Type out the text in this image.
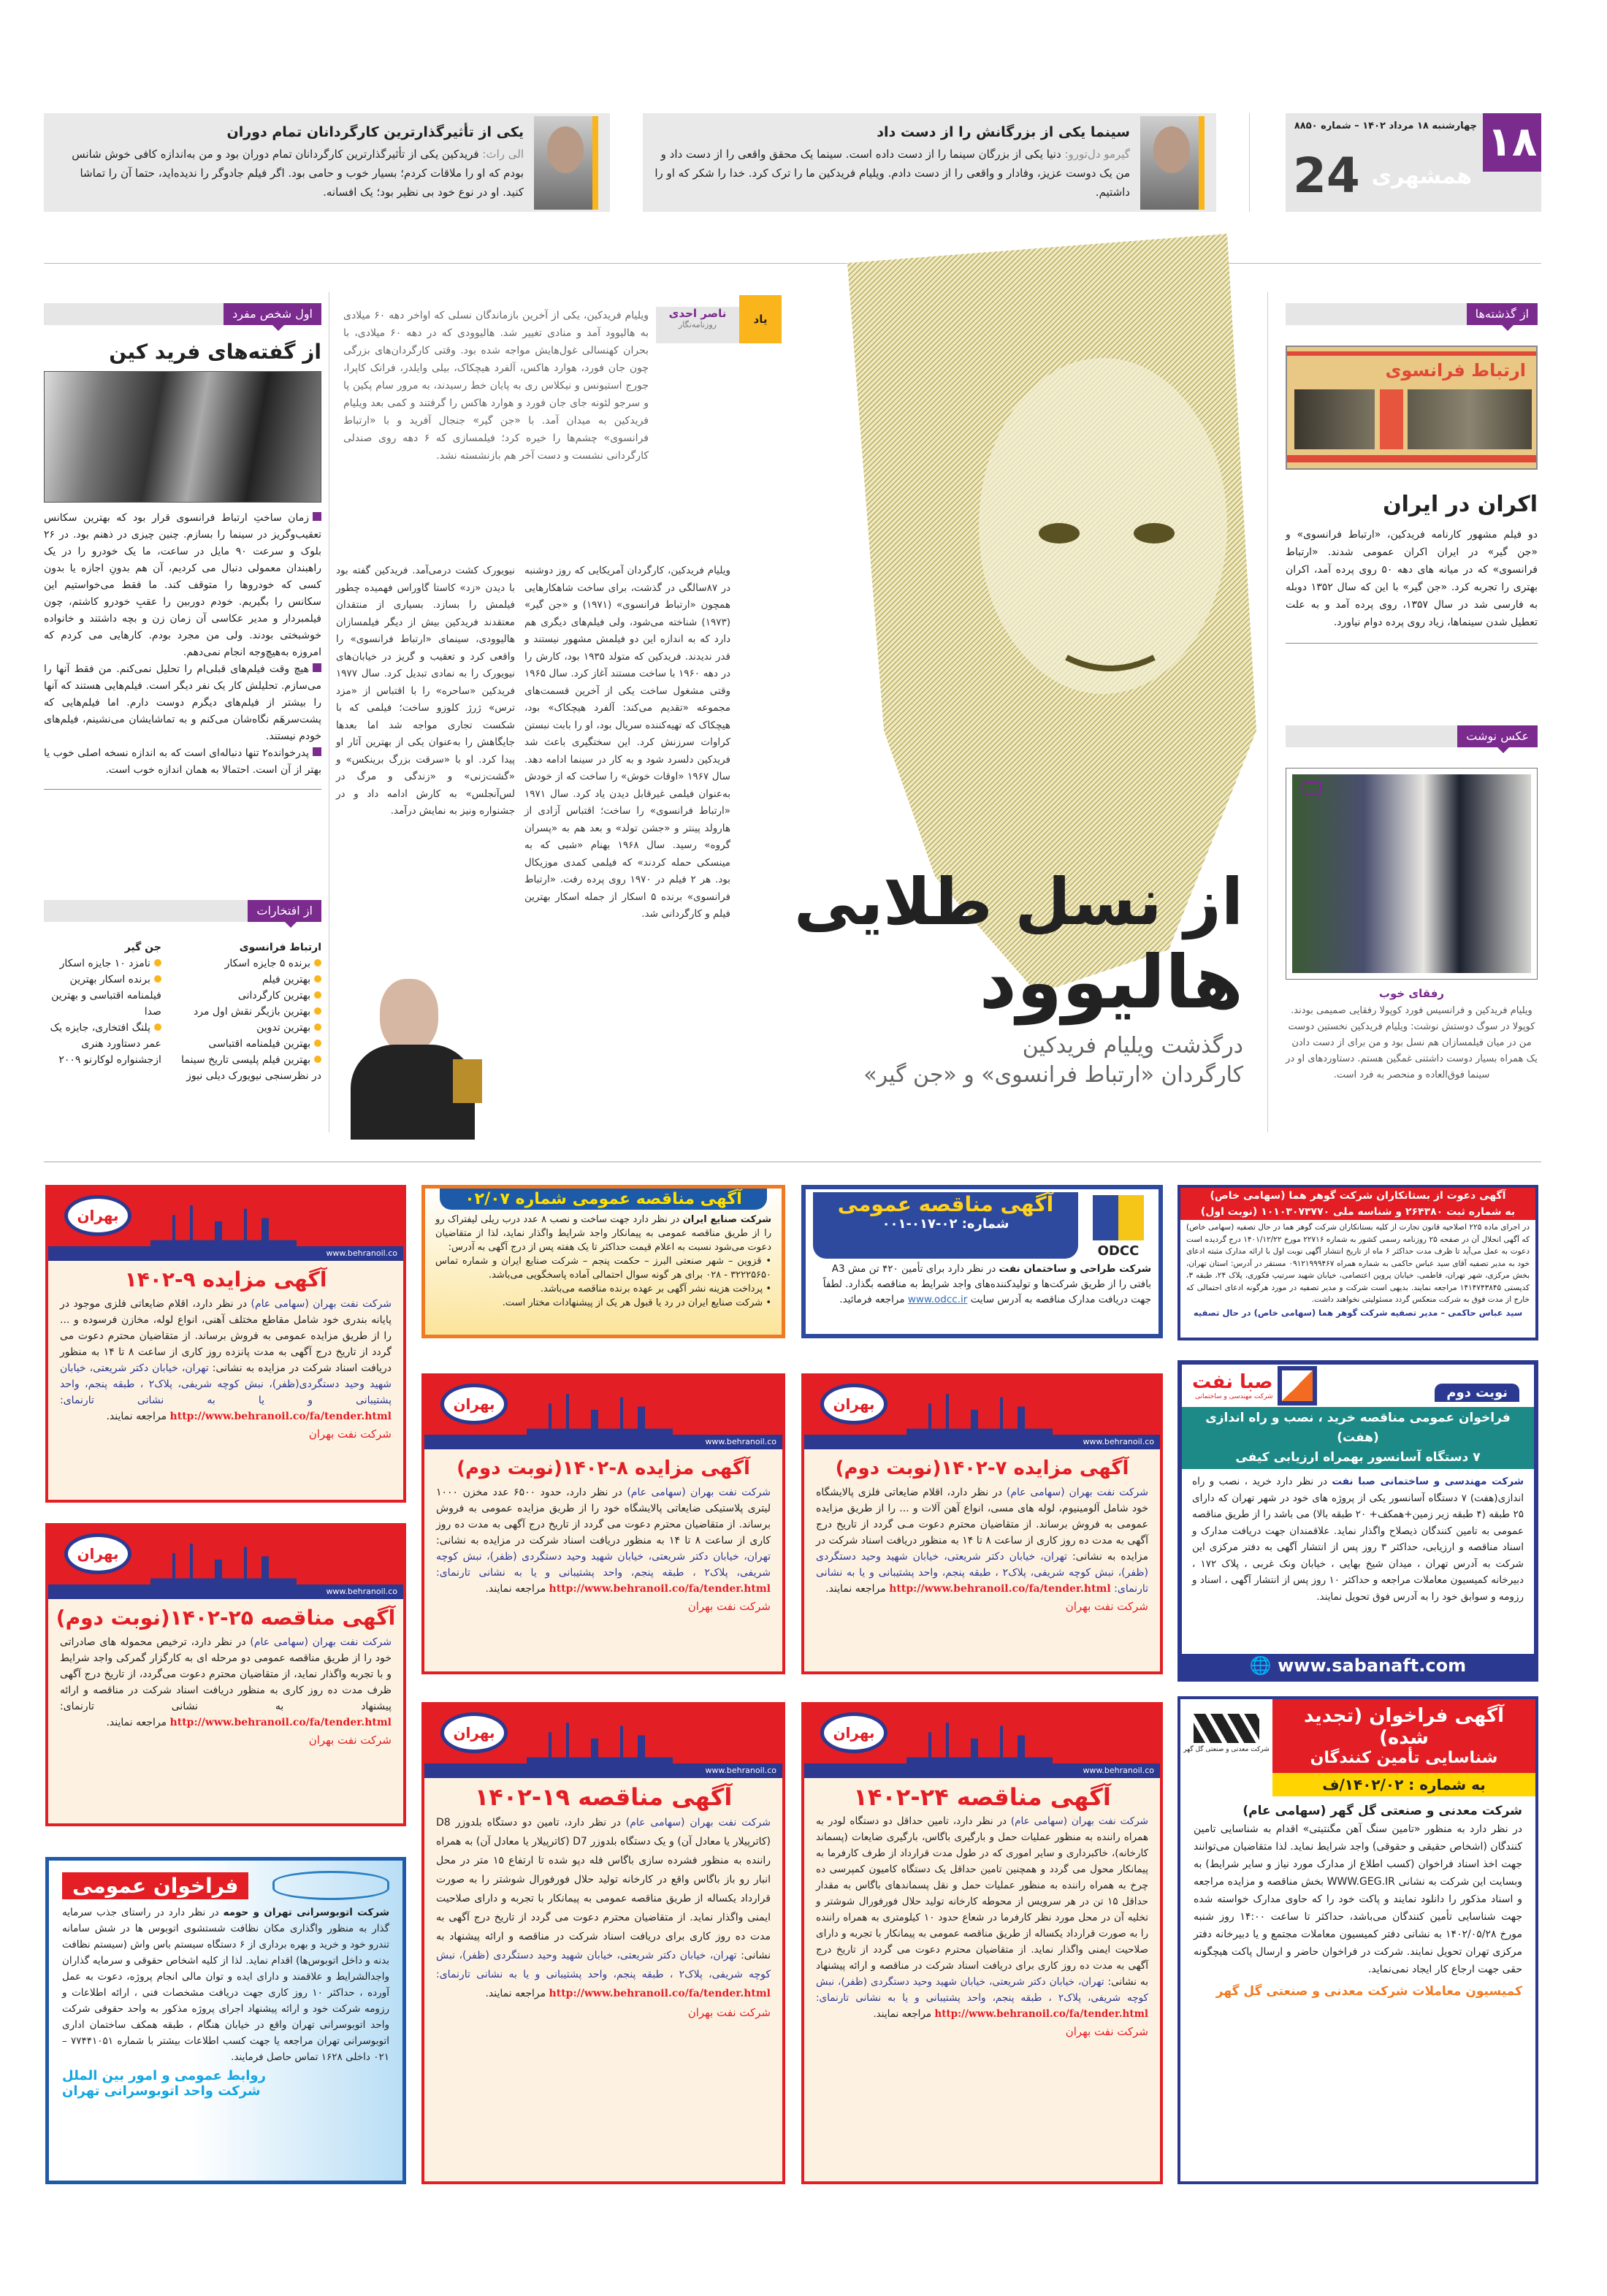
۱۸
چهارشنبه ۱۸ مرداد ۱۴۰۲ – شماره ۸۸۵۰
همشهری
24
سینما یکی از بزرگانش را از دست داد

گیرمو دل‌تورو: دنیا یکی از بزرگان سینما را از دست داده است. سینما یک محقق واقعی را از دست داد و من یک دوست عزیز، وفادار و واقعی را از دست دادم. ویلیام فریدکین ما را ترک کرد. خدا را شکر که او را داشتیم.

یکی از تأثیرگذارترین کارگردانان تمام دوران

الی راث: فریدکین یکی از تأثیرگذارترین کارگردانان تمام دوران بود و من به‌اندازه کافی خوش شانس بودم که او را ملاقات کردم؛ بسیار خوب و حامی بود. اگر فیلم جادوگر را ندیده‌اید، حتما آن را تماشا کنید. او در نوع خود بی نظیر بود؛ یک افسانه.

از گذشته‌ها
ارتباط فرانسوی
اکران در ایران
دو فیلم مشهور کارنامه فریدکین، «ارتباط فرانسوی» و «جن گیر» در ایران اکران عمومی شدند. «ارتباط فرانسوی» که در میانه های دهه ۵۰ روی پرده آمد، اکران بهتری را تجربه کرد. «جن گیر» با این که سال ۱۳۵۲ دوبله به فارسی شد در سال ۱۳۵۷، روی پرده آمد و به علت تعطیل شدن سینماها، زیاد روی پرده دوام نیاورد.
عکس نوشت
رفقای خوب
ویلیام فریدکین و فرانسیس فورد کوپولا رفقایی صمیمی بودند. کوپولا در سوگ دوستش نوشت: ویلیام فریدکین نخستین دوست من در میان فیلمسازان هم نسل بود و من برای از دست دادن یک همراه بسیار دوست داشتنی غمگین هستم. دستاوردهای او در سینما فوق‌العاده و منحصر به فرد است.
اول شخص مفرد
از گفته‌های فرید کین

زمان ساختِ ارتباط فرانسوی قرار بود که بهترین سکانس تعقیب‌وگریز در سینما را بسازم. چنین چیزی در ذهنم بود. در ۲۶ بلوک و سرعت ۹۰ مایل در ساعت، ما یک خودرو را در یک راهبندان معمولی دنبال می کردیم، آن هم بدونِ اجازه یا بدون کسی که خودروها را متوقف کند. ما فقط می‌خواستیم این سکانس را بگیریم. خودم دوربین را عقبِ خودرو کاشتم، چون فیلمبردار و مدیر عکاسی آن زمان زن و بچه داشتند و خانواده خوشبختی بودند. ولی من مجرد بودم. کارهایی می کردم که امروزه به‌هیچ‌وجه انجام نمی‌دهم.

هیچ وقت فیلم‌های قبلی‌ام را تحلیل نمی‌کنم. من فقط آنها را می‌سازم. تحلیلش کار یک نفر دیگر است. فیلم‌هایی هستند که آنها را بیشتر از فیلم‌های دیگرم دوست دارم. اما فیلم‌هایی که پشت‌سرهَم نگاه‌شان می‌کنم و به تماشایشان می‌نشینم، فیلم‌های خودم نیستند.

پدرخوانده۲ تنها دنباله‌ای است که به اندازه نسخه اصلی خوب یا بهتر از آن است. احتمالا به همان اندازه خوب است.

از افتخارات
ارتباط فرانسوی
برنده ۵ جایزه اسکار
بهترین فیلم
بهترین کارگردانی
بهترین بازیگر نقش اول مرد
بهترین تدوین
بهترین فیلمنامه اقتباسی
بهترین فیلم پلیسی تاریخ سینما در نظرسنجی نیویورک دیلی نیوز
جن گیر
نامزد ۱۰ جایزه اسکار
برنده اسکار بهترین فیلمنامه اقتباسی و بهترین صدا
پلنگ افتخاری، جایزه یک عمر دستاورد هنری ازجشنواره لوکارنو ۲۰۰۹
یاد
ناصر احدی
روزنامه‌نگار
ویلیام فریدکین، یکی از آخرین بازماندگان نسلی که اواخر دهه ۶۰ میلادی به هالیوود آمد و منادی تغییر شد. هالیوودی که در دهه ۶۰ میلادی، با بحران کهنسالی غول‌هایش مواجه شده بود. وقتی کارگردان‌های بزرگی چون جان فورد، هوارد هاکس، آلفرد هیچکاک، بیلی وایلدر، فرانک کاپرا، جورج استیونس و نیکلاس ری به پایان خط رسیدند، به مرور سام پکین پا و سرجو لئونه جای جان فورد و هوارد هاکس را گرفتند و کمی بعد ویلیام فریدکین به میدان آمد. با «جن گیر» جنجال آفرید و با «ارتباط فرانسوی» چشم‌ها را خیره کرد؛ فیلمسازی که ۶ دهه روی صندلی کارگردانی نشست و دست آخر هم بازنشسته نشد.
ویلیام فریدکین، کارگردان آمریکایی که روز دوشنبه در ۸۷سالگی در گذشت، برای ساخت شاهکارهایی همچون «ارتباط فرانسوی» (۱۹۷۱) و «جن گیر» (۱۹۷۳) شناخته می‌شود، ولی فیلم‌های دیگری هم دارد که به اندازه این دو فیلمش مشهور نیستند و قدر ندیدند. فریدکین که متولد ۱۹۳۵ بود، کارش را در دهه ۱۹۶۰ با ساخت مستند آغاز کرد. سال ۱۹۶۵ وقتی مشغول ساخت یکی از آخرین قسمت‌های مجموعه «تقدیم می‌کند: آلفرد هیچکاک» بود، هیچکاک که تهیه‌کننده سریال بود، او را بابت نبستن کراوات سرزنش کرد. این سختگیری باعث شد فریدکین دلسرد شود و به کار در سینما ادامه دهد. سال ۱۹۶۷ «اوقات خوش» را ساخت که از خودش به‌عنوان فیلمی غیرقابل دیدن یاد کرد. سال ۱۹۷۱ «ارتباط فرانسوی» را ساخت؛ اقتباس آزادی از هارولد پینتر و «جشن تولد» و بعد هم به «پسران گروه» رسید. سال ۱۹۶۸ بهنام «شبی که به مینسکی حمله کردند» که فیلمی کمدی موزیکال بود. هر ۲ فیلم در ۱۹۷۰ روی پرده رفت. «ارتباط فرانسوی» برنده ۵ اسکار از جمله اسکار بهترین فیلم و کارگردانی شد.
نیویورک کشت درمی‌آمد. فریدکین گفته بود با دیدن «زد» کاستا گاوراس فهمیده چطور فیلمش را بسازد. بسیاری از منتقدان معتقدند فریدکین بیش از دیگر فیلمسازان هالیوودی، سینمای «ارتباط فرانسوی» را واقعی کرد و تعقیب و گریز در خیابان‌های نیویورک را به نمادی تبدیل کرد. سال ۱۹۷۷ فریدکین «ساحره» را با اقتباس از «مزد ترس» ژرژ کلوزو ساخت؛ فیلمی که با شکست تجاری مواجه شد اما بعدها جایگاهش را به‌عنوان یکی از بهترین آثار او پیدا کرد. او با «سرقت بزرگ برینکس» و «گشت‌زنی» و «زندگی و مرگ در لس‌آنجلس» به کارش ادامه داد و در جشنواره ونیز به نمایش درآمد.
از نسل طلایی
هالیوود
درگذشت ویلیام فریدکین
کارگردان «ارتباط فرانسوی» و «جن گیر»
بهران
www.behranoil.co
آگهی مزایده ۹-۱۴۰۲
شرکت نفت بهران (سهامی عام) در نظر دارد، اقلام ضایعاتی فلزی موجود در پایانه بندری خود شامل مقاطع مختلف آهنی، انواع لوله، مخازن فرسوده و ... را از طریق مزایده عمومی به فروش برساند. از متقاضیان محترم دعوت می گردد از تاریخ درج آگهی به مدت پانزده روز کاری از ساعت ۸ تا ۱۴ به منظور دریافت اسناد شرکت در مزایده به نشانی: تهران، خیابان دکتر شریعتی، خیابان شهید وحید دستگردی(ظفر)، نبش کوچه شریفی، پلاک۲ ، طبقه پنجم، واحد پشتیبانی و یا به نشانی تارنمای: http://www.behranoil.co/fa/tender.html مراجعه نمایند.
شرکت نفت بهران
بهران
www.behranoil.co
آگهی مناقصه ۲۵-۱۴۰۲(نوبت دوم)
شرکت نفت بهران (سهامی عام) در نظر دارد، ترخیص محموله های صادراتی خود را از طریق مناقصه عمومی دو مرحله ای به کارگزار گمرکی واجد شرایط و با تجربه واگذار نماید، از متقاضیان محترم دعوت می‌گردد، از تاریخ درج آگهی ظرف مدت ده روز کاری به منظور دریافت اسناد شرکت در مناقصه و ارائه پیشنهاد به نشانی تارنمای: http://www.behranoil.co/fa/tender.html مراجعه نمایند.
شرکت نفت بهران
فراخوان عمومی
شرکت اتوبوسرانی تهران و حومه در نظر دارد در راستای جذب سرمایه گذار به منظور واگذاری مکان نظافت شستشوی اتوبوس ها در شش سامانه تندرو خود و خرید و بهره برداری از ۶ دستگاه سیستم باس واش (سیستم نظافت بدنه و داخل اتوبوس‌ها) اقدام نماید. لذا از کلیه اشخاص حقوقی و سرمایه گذاران واجدالشرایط و علاقمند و دارای ایده و توان مالی انجام پروژه، دعوت به عمل آورده ، حداکثر ۱۰ روز کاری جهت دریافت مشخصات فنی ، ارائه اطلاعات و رزومه شرکت خود و ارائه پیشنهاد اجرای پروژه مذکور به واحد حقوقی شرکت واحد اتوبوسرانی تهران واقع در خیابان هنگام ، طبقه همکف ساختمان اداری اتوبوسرانی تهران مراجعه یا جهت کسب اطلاعات بیشتر با شماره ۷۷۴۴۱۰۵۱ – ۰۲۱ داخلی ۱۶۲۸ تماس حاصل فرمایند.
روابط عمومی و امور بین الملل
شرکت واحد اتوبوسرانی تهران
آگهی مناقصه عمومی شماره ۰۲/۰۷
شرکت صنایع ایران در نظر دارد جهت ساخت و نصب ۸ عدد درب ریلی لیفتراک رو را از طریق مناقصه عمومی به پیمانکار واجد شرایط واگذار نماید، لذا از متقاضیان دعوت می‌شود نسبت به اعلام قیمت حداکثر تا یک هفته پس از درج آگهی به آدرس:
• قزوین – شهر صنعتی البرز – حکمت پنجم – شرکت صنایع ایران و شماره تماس ۳۲۲۲۵۶۵۰ - ۰۲۸ برای هر گونه سوال احتمالی آماده پاسخگویی می‌باشد.
• پرداخت هزینه نشر آگهی بر عهده برنده مناقصه می‌باشد.
• شرکت صنایع ایران در رد یا قبول هر یک از پیشنهادات مختار است.
بهران
www.behranoil.co
آگهی مزایده ۸-۱۴۰۲(نوبت دوم)
شرکت نفت بهران (سهامی عام) در نظر دارد، حدود ۶۵۰۰ عدد مخزن ۱۰۰۰ لیتری پلاستیکی ضایعاتی پالایشگاه خود را از طریق مزایده عمومی به فروش برساند. از متقاضیان محترم دعوت می گردد از تاریخ درج آگهی به مدت ده روز کاری از ساعت ۸ تا ۱۴ به منظور دریافت اسناد شرکت در مزایده به نشانی: تهران، خیابان دکتر شریعتی، خیابان شهید وحید دستگردی (ظفر)، نبش کوچه شریفی، پلاک۲ ، طبقه پنجم، واحد پشتیبانی و یا به نشانی تارنمای: http://www.behranoil.co/fa/tender.html مراجعه نمایند.
شرکت نفت بهران
بهران
www.behranoil.co
آگهی مناقصه ۱۹-۱۴۰۲
شرکت نفت بهران (سهامی عام) در نظر دارد، تامین دو دستگاه بلدوزر D8 (کاترپیلار یا معادل آن) و یک دستگاه بلدوزر D7 (کاترپیلار یا معادل آن) به همراه راننده به منظور فشرده سازی باگاس فله دپو شده تا ارتفاع ۱۵ متر در محل انبار رو باز باگاس واقع در کارخانه تولید حلال فورفورال شوشتر را به صورت قرارداد یکساله از طریق مناقصه عمومی به پیمانکار با تجربه و دارای صلاحیت ایمنی واگذار نماید. از متقاضیان محترم دعوت می گردد از تاریخ درج آگهی به مدت ده روز کاری برای دریافت اسناد شرکت در مناقصه و ارائه پیشنهاد به نشانی: تهران، خیابان دکتر شریعتی، خیابان شهید وحید دستگردی (ظفر)، نبش کوچه شریفی، پلاک۲ ، طبقه پنجم، واحد پشتیبانی و یا به نشانی تارنمای: http://www.behranoil.co/fa/tender.html مراجعه نمایند.
شرکت نفت بهران
ODCC
آگهی مناقصه عمومی
شماره: ۰۲-۰۱۷-۰۰۱
شرکت طراحی و ساختمان نفت در نظر دارد برای تأمین ۴۲۰ تن مش A3 بافتی را از طریق شرکت‌ها و تولیدکننده‌های واجد شرایط به مناقصه بگذارد. لطفاً جهت دریافت مدارک مناقصه به آدرس سایت www.odcc.ir مراجعه فرمائید.
بهران
www.behranoil.co
آگهی مزایده ۷-۱۴۰۲(نوبت دوم)
شرکت نفت بهران (سهامی عام) در نظر دارد، اقلام ضایعاتی فلزی پالایشگاه خود شامل آلومینیوم، لوله های مسی، انواع آهن آلات و ... را از طریق مزایده عمومی به فروش برساند. از متقاضیان محترم دعوت مـی گردد از تاریخ درج آگهی به مدت ده روز کاری از ساعت ۸ تا ۱۴ به منظور دریافت اسناد شرکت در مزایده به نشانی: تهران، خیابان دکتر شریعتی، خیابان شهید وحید دستگردی (ظفر)، نبش کوچه شریفی، پلاک۲ ، طبقه پنجم، واحد پشتیبانی و یا به نشانی تارنمای: http://www.behranoil.co/fa/tender.html مراجعه نمایند.
شرکت نفت بهران
بهران
www.behranoil.co
آگهی مناقصه ۲۴-۱۴۰۲
شرکت نفت بهران (سهامی عام) در نظر دارد، تامین حداقل دو دستگاه لودر به همراه راننده به منظور عملیات حمل و بارگیری باگاس، بارگیری ضایعات (پسماند کارخانه)، خاکبرداری و سایر اموری که در طول مدت قرارداد از طرف کارفرما به پیمانکار محول می گردد و همچنین تامین حداقل یک دستگاه کامیون کمپرسی ده چرخ به همراه راننده به منظور عملیات حمل و نقل پسماندهای باگاس به مقدار حداقل ۱۵ تن در هر سرویس از محوطه کارخانه تولید حلال فورفورال شوشتر و تخلیه آن در محل مورد نظر کارفرما در شعاع حدود ۱۰ کیلومتری به همراه راننده را به صورت قرارداد یکساله از طریق مناقصه عمومی به پیمانکار با تجربه و دارای صلاحیت ایمنی واگذار نماید. از متقاضیان محترم دعوت می گردد از تاریخ درج آگهی به مدت ده روز کاری برای دریافت اسناد شرکت در مناقصه و ارائه پیشنهاد به نشانی: تهران، خیابان دکتر شریعتی، خیابان شهید وحید دستگردی (ظفر)، نبش کوچه شریفی، پلاک۲ ، طبقه پنجم، واحد پشتیبانی و یا به نشانی تارنمای: http://www.behranoil.co/fa/tender.html مراجعه نمایند.
شرکت نفت بهران
آگهی دعوت از بستانکاران شرکت گوهر هما (سهامی خاص)
به شماره ثبت ۲۶۴۳۸۰ و شناسه ملی ۱۰۱۰۳۰۷۳۷۷۰ (نوبت اول)
در اجرای ماده ۲۲۵ اصلاحیه قانون تجارت از کلیه بستانکاران شرکت گوهر هما در حال تصفیه (سهامی خاص) که آگهی انحلال آن در صفحه ۲۵ روزنامه رسمی کشور به شماره ۲۲۷۱۶ مورخ ۱۴۰۱/۱۲/۲۲ درج گردیده است دعوت به عمل می‌آید تا ظرف مدت حداکثر ۶ ماه از تاریخ انتشار آگهی نوبت اول با ارائه مدارک مثبته ادعای خود به مدیر تصفیه آقای سید عباس حاکمی به شماره همراه ۰۹۱۲۱۹۹۹۴۶۷ مستقر در آدرس: استان تهران، بخش مرکزی، شهر تهران، فاطمی، خیابان پروین اعتصامی، خیابان شهید سرتیپ فکوری، پلاک ۲۴، طبقه ۳، کدپستی ۱۴۱۴۷۴۳۸۴۵ مراجعه نمایند. بدیهی است شرکت و مدیر تصفیه در مورد هرگونه ادعای احتمالی که خارج از مدت فوق به شرکت منعکس گردد مسئولیتی نخواهند داشت.
سید عباس حاکمی – مدیر تصفیه شرکت گوهر هما (سهامی خاص) در حال تصفیه
نوبت دوم
صبا نفت
شرکت مهندسی و ساختمانی
فراخوان عمومی مناقصه خرید ، نصب و راه اندازی (هفت)
۷ دستگاه آسانسور بهمراه ارزیابی کیفی
شرکت مهندسی و ساختمانی صبا نفت در نظر دارد خرید ، نصب و راه اندازی(هفت) ۷ دستگاه آسانسور یکی از پروژه های خود در شهر تهران که دارای ۲۵ طبقه (۴ طبقه زیر زمین+همکف+ ۲۰ طبقه بالا) می باشد را از طریق مناقصه عمومی به تامین کنندگان ذیصلاح واگذار نماید. علاقمندان جهت دریافت مدارک و اسناد مناقصه و ارزیابی، حداکثر ۳ روز پس از انتشار آگهی به دفتر مرکزی این شرکت به آدرس تهران ، میدان شیخ بهایی ، خیابان ونک غربی ، پلاک ۱۷۲ ، دبیرخانه کمیسیون معاملات مراجعه و حداکثر ۱۰ روز پس از انتشار آگهی ، اسناد و رزومه و سوابق خود را به آدرس فوق تحویل نمایند.
🌐 www.sabanaft.com
آگهی فراخوان (تجدید شده)
شناسایی تأمین کنندگان
به شماره : ۱۴۰۲/۰۲/ف
شرکت معدنی و صنعتی گل گهر
شرکت معدنی و صنعتی گل گهر (سهامی عام)
در نظر دارد به منظور «تامین سنگ آهن مگنتیتی» اقدام به شناسایی تامین کنندگان (اشخاص حقیقی و حقوقی) واجد شرایط نماید. لذا متقاضیان می‌توانند جهت اخذ اسناد فراخوان (کسب اطلاع از مدارک مورد نیاز و سایر شرایط) به وبسایت این شرکت به نشانی WWW.GEG.IR بخش مناقصه و مزایده مراجعه و اسناد مذکور را دانلود نمایند و پاکت خود را که حاوی مدارک خواسته شده جهت شناسایی تأمین کنندگان می‌باشد، حداکثر تا ساعت ۱۴:۰۰ روز شنبه مورخ ۱۴۰۲/۰۵/۲۸ به نشانی دفتر کمیسیون معاملات مجتمع و یا دبیرخانه دفتر مرکزی تهران تحویل نمایند. شرکت در فراخوان حاضر و ارسال پاکت هیچگونه حقی جهت ارجاع کار ایجاد نمی‌نماید.
کمیسیون معاملات شرکت معدنی و صنعتی گل گهر
